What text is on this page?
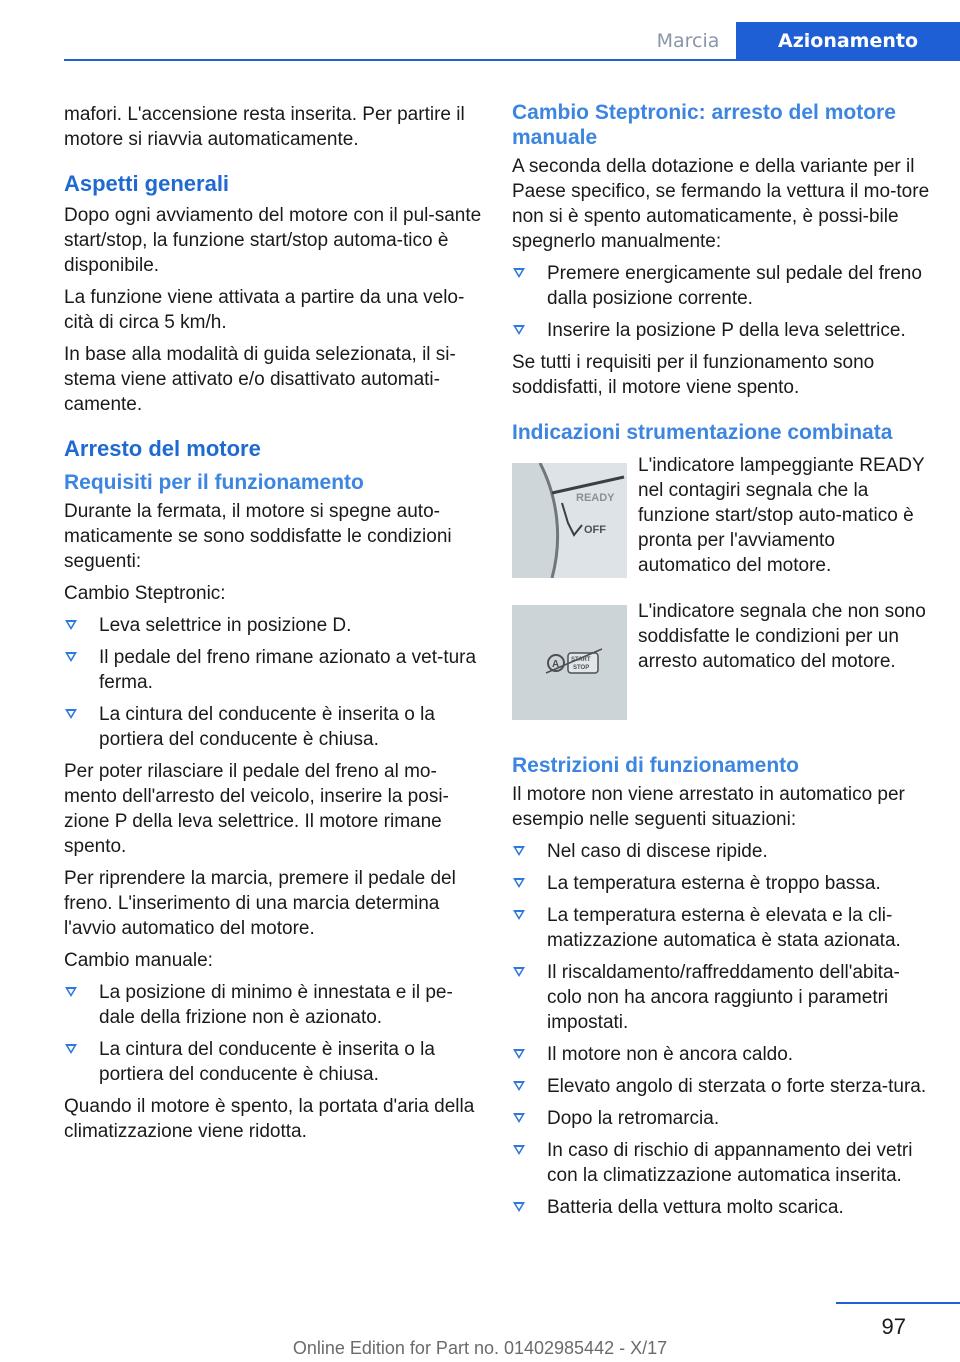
Marcia	Azionamento

mafori. L'accensione resta inserita. Per partire il motore si riavvia automaticamente.

Aspetti generali

Dopo ogni avviamento del motore con il pul-sante start/stop, la funzione start/stop automa-tico è disponibile.

La funzione viene attivata a partire da una velo-cità di circa 5 km/h.

In base alla modalità di guida selezionata, il si-stema viene attivato e/o disattivato automati-camente.

Arresto del motore
Requisiti per il funzionamento

Durante la fermata, il motore si spegne auto-maticamente se sono soddisfatte le condizioni seguenti:

Cambio Steptronic:

Leva selettrice in posizione D.
Il pedale del freno rimane azionato a vet-tura ferma.
La cintura del conducente è inserita o la portiera del conducente è chiusa.

Per poter rilasciare il pedale del freno al mo-mento dell'arresto del veicolo, inserire la posi-zione P della leva selettrice. Il motore rimane spento.

Per riprendere la marcia, premere il pedale del freno. L'inserimento di una marcia determina l'avvio automatico del motore.

Cambio manuale:

La posizione di minimo è innestata e il pe-dale della frizione non è azionato.
La cintura del conducente è inserita o la portiera del conducente è chiusa.

Quando il motore è spento, la portata d'aria della climatizzazione viene ridotta.

Cambio Steptronic: arresto del motore manuale

A seconda della dotazione e della variante per il Paese specifico, se fermando la vettura il mo-tore non si è spento automaticamente, è possi-bile spegnerlo manualmente:

Premere energicamente sul pedale del freno dalla posizione corrente.
Inserire la posizione P della leva selettrice.

Se tutti i requisiti per il funzionamento sono soddisfatti, il motore viene spento.

Indicazioni strumentazione combinata
READY
OFF

L'indicatore lampeggiante READY nel contagiri segnala che la funzione start/stop auto-matico è pronta per l'avviamento automatico del motore.

A START
STOP

L'indicatore segnala che non sono soddisfatte le condizioni per un arresto automatico del motore.

Restrizioni di funzionamento

Il motore non viene arrestato in automatico per esempio nelle seguenti situazioni:

Nel caso di discese ripide.
La temperatura esterna è troppo bassa.
La temperatura esterna è elevata e la cli-matizzazione automatica è stata azionata.
Il riscaldamento/raffreddamento dell'abita-colo non ha ancora raggiunto i parametri impostati.
Il motore non è ancora caldo.
Elevato angolo di sterzata o forte sterza-tura.
Dopo la retromarcia.
In caso di rischio di appannamento dei vetri con la climatizzazione automatica inserita.
Batteria della vettura molto scarica.
97
Online Edition for Part no. 01402985442 - X/17
